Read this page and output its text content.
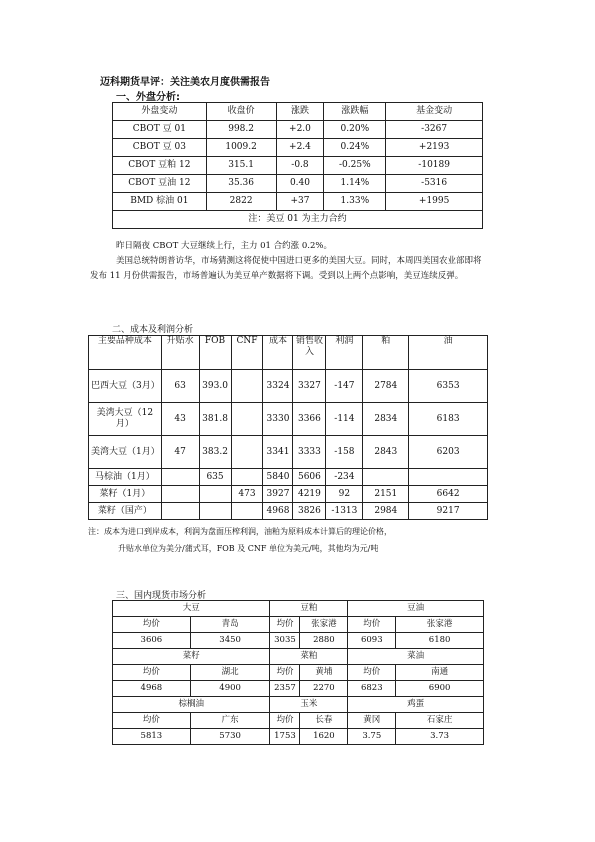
迈科期货早评：关注美农月度供需报告
一、外盘分析:
外盘变动	收盘价	涨跌	涨跌幅	基金变动
CBOT 豆 01	998.2	+2.0	0.20%	-3267
CBOT 豆 03	1009.2	+2.4	0.24%	+2193
CBOT 豆粕 12	315.1	-0.8	-0.25%	-10189
CBOT 豆油 12	35.36	0.40	1.14%	-5316
BMD 棕油 01	2822	+37	1.33%	+1995
注：美豆 01 为主力合约				
昨日隔夜 CBOT 大豆继续上行，主力 01 合约涨 0.2%。
美国总统特朗普访华，市场猜测这将促使中国进口更多的美国大豆。同时，本周四美国农业部即将发布 11 月份供需报告，市场普遍认为美豆单产数据将下调。受到以上两个点影响，美豆连续反弹。
二、成本及利润分析
主要品种成本	升贴水	FOB	CNF	成本	销售收入	利润	粕	油
巴西大豆（3月）	63	393.0		3324	3327	-147	2784	6353
美湾大豆（12月）	43	381.8		3330	3366	-114	2834	6183
美湾大豆（1月）	47	383.2		3341	3333	-158	2843	6203
马棕油（1月）		635		5840	5606	-234		
菜籽（1月）			473	3927	4219	92	2151	6642
菜籽（国产）				4968	3826	-1313	2984	9217
注：成本为进口到岸成本，利润为盘面压榨利润，油粕为原料成本计算后的理论价格，
升贴水单位为美分/蒲式耳，FOB 及 CNF 单位为美元/吨，其他均为元/吨
三、国内现货市场分析
大豆		豆粕		豆油	
均价	青岛	均价	张家港	均价	张家港
3606	3450	3035	2880	6093	6180
菜籽		菜粕		菜油	
均价	湖北	均价	黄埔	均价	南通
4968	4900	2357	2270	6823	6900
棕榈油		玉米		鸡蛋	
均价	广东	均价	长春	黄冈	石家庄
5813	5730	1753	1620	3.75	3.73
